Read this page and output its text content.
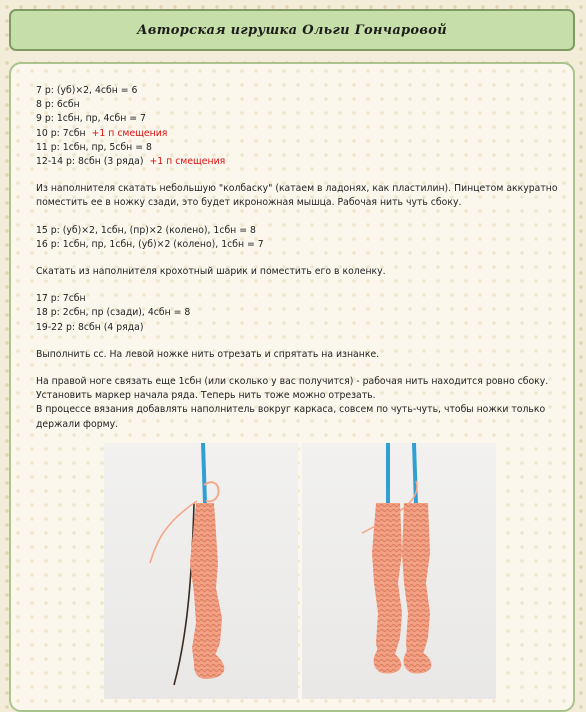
Авторская игрушка Ольги Гончаровой

7 р: (уб)×2, 4сбн = 6

8 р: 6сбн

9 р: 1сбн, пр, 4сбн = 7

10 р: 7сбн +1 п смещения

11 р: 1сбн, пр, 5сбн = 8

12-14 р: 8сбн (3 ряда) +1 п смещения

Из наполнителя скатать небольшую "колбаску" (катаем в ладонях, как пластилин). Пинцетом аккуратно

поместить ее в ножку сзади, это будет икроножная мышца. Рабочая нить чуть сбоку.

15 р: (уб)×2, 1сбн, (пр)×2 (колено), 1сбн = 8

16 р: 1сбн, пр, 1сбн, (уб)×2 (колено), 1сбн = 7

Скатать из наполнителя крохотный шарик и поместить его в коленку.

17 р: 7сбн

18 р: 2сбн, пр (сзади), 4сбн = 8

19-22 р: 8сбн (4 ряда)

Выполнить сс. На левой ножке нить отрезать и спрятать на изнанке.

На правой ноге связать еще 1сбн (или сколько у вас получится) - рабочая нить находится ровно сбоку.

Установить маркер начала ряда. Теперь нить тоже можно отрезать.

В процессе вязания добавлять наполнитель вокруг каркаса, совсем по чуть-чуть, чтобы ножки только

держали форму.
